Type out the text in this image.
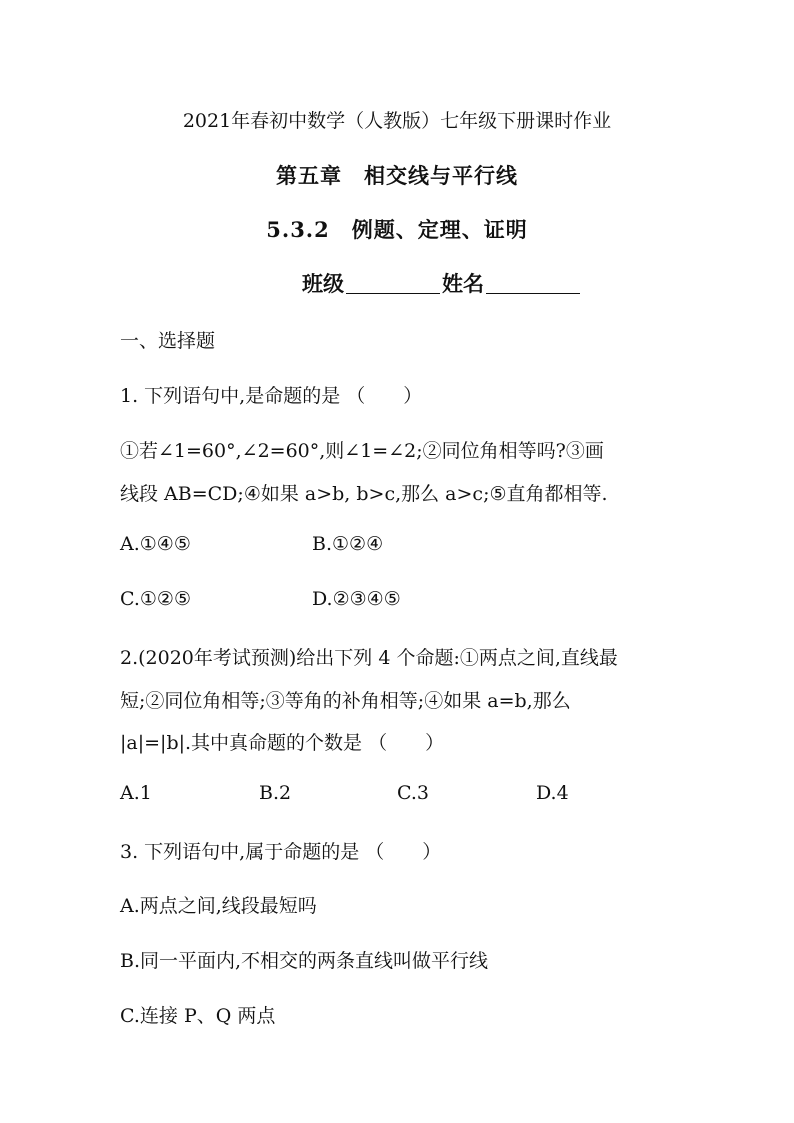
2021年春初中数学（人教版）七年级下册课时作业
第五章　相交线与平行线
5.3.2　例题、定理、证明
班级	姓名
一、选择题
1. 下列语句中,是命题的是 （　　）
①若∠1=60°,∠2=60°,则∠1=∠2;②同位角相等吗?③画
线段 AB=CD;④如果 a>b, b>c,那么 a>c;⑤直角都相等.
A.①④⑤	B.①②④
C.①②⑤	D.②③④⑤
2.(2020年考试预测)给出下列 4 个命题:①两点之间,直线最
短;②同位角相等;③等角的补角相等;④如果 a=b,那么
|a|=|b|.其中真命题的个数是 （　　）
A.1	B.2	C.3	D.4
3. 下列语句中,属于命题的是 （　　）
A.两点之间,线段最短吗
B.同一平面内,不相交的两条直线叫做平行线
C.连接 P、Q 两点
